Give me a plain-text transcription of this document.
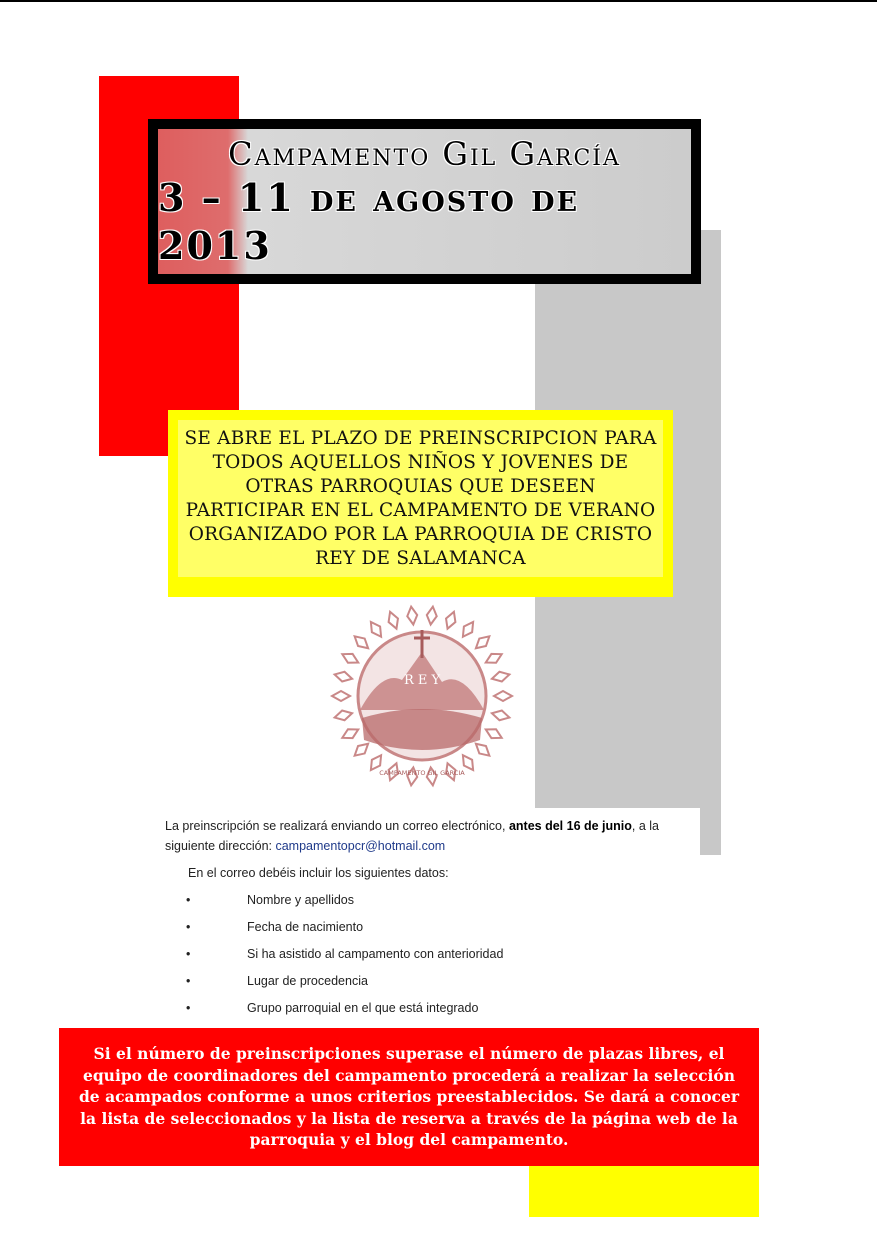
Campamento Gil García
3 – 11 de agosto de 2013
SE ABRE EL PLAZO DE PREINSCRIPCION PARA TODOS AQUELLOS NIÑOS Y JOVENES DE OTRAS PARROQUIAS QUE DESEEN PARTICIPAR EN EL CAMPAMENTO DE VERANO ORGANIZADO POR LA PARROQUIA DE CRISTO REY DE SALAMANCA
R E Y
CAMPAMENTO GIL GARCIA
La preinscripción se realizará enviando un correo electrónico, antes del 16 de junio, a la siguiente dirección: campamentopcr@hotmail.com
En el correo debéis incluir los siguientes datos:
•	Nombre y apellidos
•	Fecha de nacimiento
•	Si ha asistido al campamento con anterioridad
•	Lugar de procedencia
•	Grupo parroquial en el que está integrado
Si el número de preinscripciones superase el número de plazas libres, el equipo de coordinadores del campamento procederá a realizar la selección de acampados conforme a unos criterios preestablecidos. Se dará a conocer la lista de seleccionados y la lista de reserva a través de la página web de la parroquia y el blog del campamento.
